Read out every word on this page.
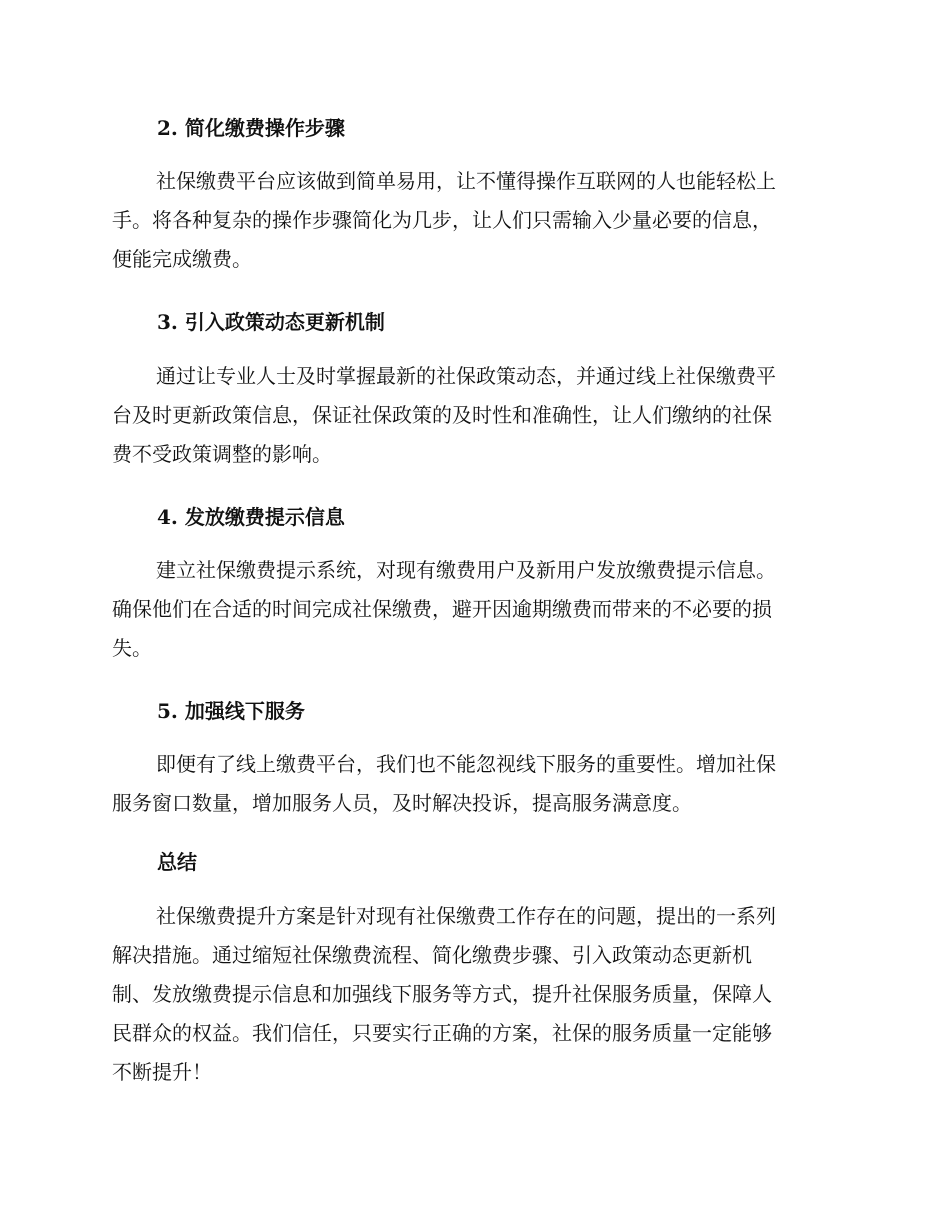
2. 简化缴费操作步骤
社保缴费平台应该做到简单易用，让不懂得操作互联网的人也能轻松上
手。将各种复杂的操作步骤简化为几步，让人们只需输入少量必要的信息，
便能完成缴费。
3. 引入政策动态更新机制
通过让专业人士及时掌握最新的社保政策动态，并通过线上社保缴费平
台及时更新政策信息，保证社保政策的及时性和准确性，让人们缴纳的社保
费不受政策调整的影响。
4. 发放缴费提示信息
建立社保缴费提示系统，对现有缴费用户及新用户发放缴费提示信息。
确保他们在合适的时间完成社保缴费，避开因逾期缴费而带来的不必要的损
失。
5. 加强线下服务
即便有了线上缴费平台，我们也不能忽视线下服务的重要性。增加社保
服务窗口数量，增加服务人员，及时解决投诉，提高服务满意度。
总结
社保缴费提升方案是针对现有社保缴费工作存在的问题，提出的一系列
解决措施。通过缩短社保缴费流程、简化缴费步骤、引入政策动态更新机
制、发放缴费提示信息和加强线下服务等方式，提升社保服务质量，保障人
民群众的权益。我们信任，只要实行正确的方案，社保的服务质量一定能够
不断提升！
